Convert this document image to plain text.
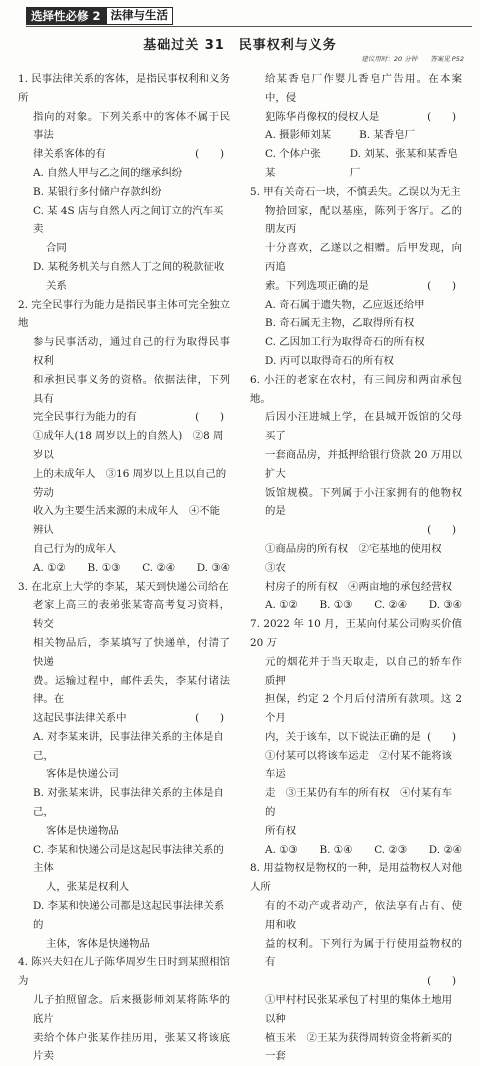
选择性必修 2 法律与生活
基础过关 31　民事权利与义务
建议用时：20 分钟　　答案见 P52
1. 民事法律关系的客体，是指民事权利和义务所
指向的对象。下列关系中的客体不属于民事法
律关系客体的有	(　　)
A. 自然人甲与乙之间的继承纠纷
B. 某银行多付储户存款纠纷
C. 某 4S 店与自然人丙之间订立的汽车买卖
合同
D. 某税务机关与自然人丁之间的税款征收
关系
2. 完全民事行为能力是指民事主体可完全独立地
参与民事活动，通过自己的行为取得民事权利
和承担民事义务的资格。依据法律，下列具有
完全民事行为能力的有	(　　)
①成年人(18 周岁以上的自然人)　②8 周岁以
上的未成年人　③16 周岁以上且以自己的劳动
收入为主要生活来源的未成年人　④不能辨认
自己行为的成年人
A. ①② B. ①③ C. ②④ D. ③④
3. 在北京上大学的李某，某天到快递公司给在
老家上高三的表弟张某寄高考复习资料，转交
相关物品后，李某填写了快递单，付清了快递
费。运输过程中，邮件丢失，李某付诸法律。在
这起民事法律关系中	(　　)
A. 对李某来讲，民事法律关系的主体是自己，
客体是快递公司
B. 对张某来讲，民事法律关系的主体是自己，
客体是快递物品
C. 李某和快递公司是这起民事法律关系的主体
人，张某是权利人
D. 李某和快递公司都是这起民事法律关系的
主体，客体是快递物品
4. 陈兴夫妇在儿子陈华周岁生日时到某照相馆为
儿子拍照留念。后来摄影师刘某将陈华的底片
卖给个体户张某作挂历用，张某又将该底片卖
给某香皂厂作婴儿香皂广告用。在本案中，侵
犯陈华肖像权的侵权人是	(　　)
A. 摄影师刘某	B. 某香皂厂
C. 个体户张某
D. 刘某、张某和某香皂厂
5. 甲有关奇石一块，不慎丢失。乙误以为无主
物拾回家，配以基座，陈列于客厅。乙的朋友丙
十分喜欢，乙遂以之相赠。后甲发现，向丙追
索。下列选项正确的是	(　　)
A. 奇石属于遗失物，乙应返还给甲
B. 奇石属无主物，乙取得所有权
C. 乙因加工行为取得奇石的所有权
D. 丙可以取得奇石的所有权
6. 小汪的老家在农村，有三间房和两亩承包地。
后因小汪进城上学，在县城开饭馆的父母买了
一套商品房，并抵押给银行贷款 20 万用以扩大
饭馆规模。下列属于小汪家拥有的他物权的是

(　　)
①商品房的所有权　②宅基地的使用权　③农
村房子的所有权　④两亩地的承包经营权
A. ①② B. ①③ C. ②④ D. ③④
7. 2022 年 10 月，王某向付某公司购买价值 20 万
元的烟花并于当天取走，以自己的轿车作质押
担保，约定 2 个月后付清所有款项。这 2 个月
内，关于该车，以下说法正确的是 (　　)
①付某可以将该车运走　②付某不能将该车运
走　③王某仍有车的所有权　④付某有车的
所有权
A. ①③ B. ①④ C. ②③ D. ②④
8. 用益物权是物权的一种，是用益物权人对他人所
有的不动产或者动产，依法享有占有、使用和收
益的权利。下列行为属于行使用益物权的有

(　　)
①甲村村民张某承包了村里的集体土地用以种
植玉米　②王某为获得周转资金将新买的一套
